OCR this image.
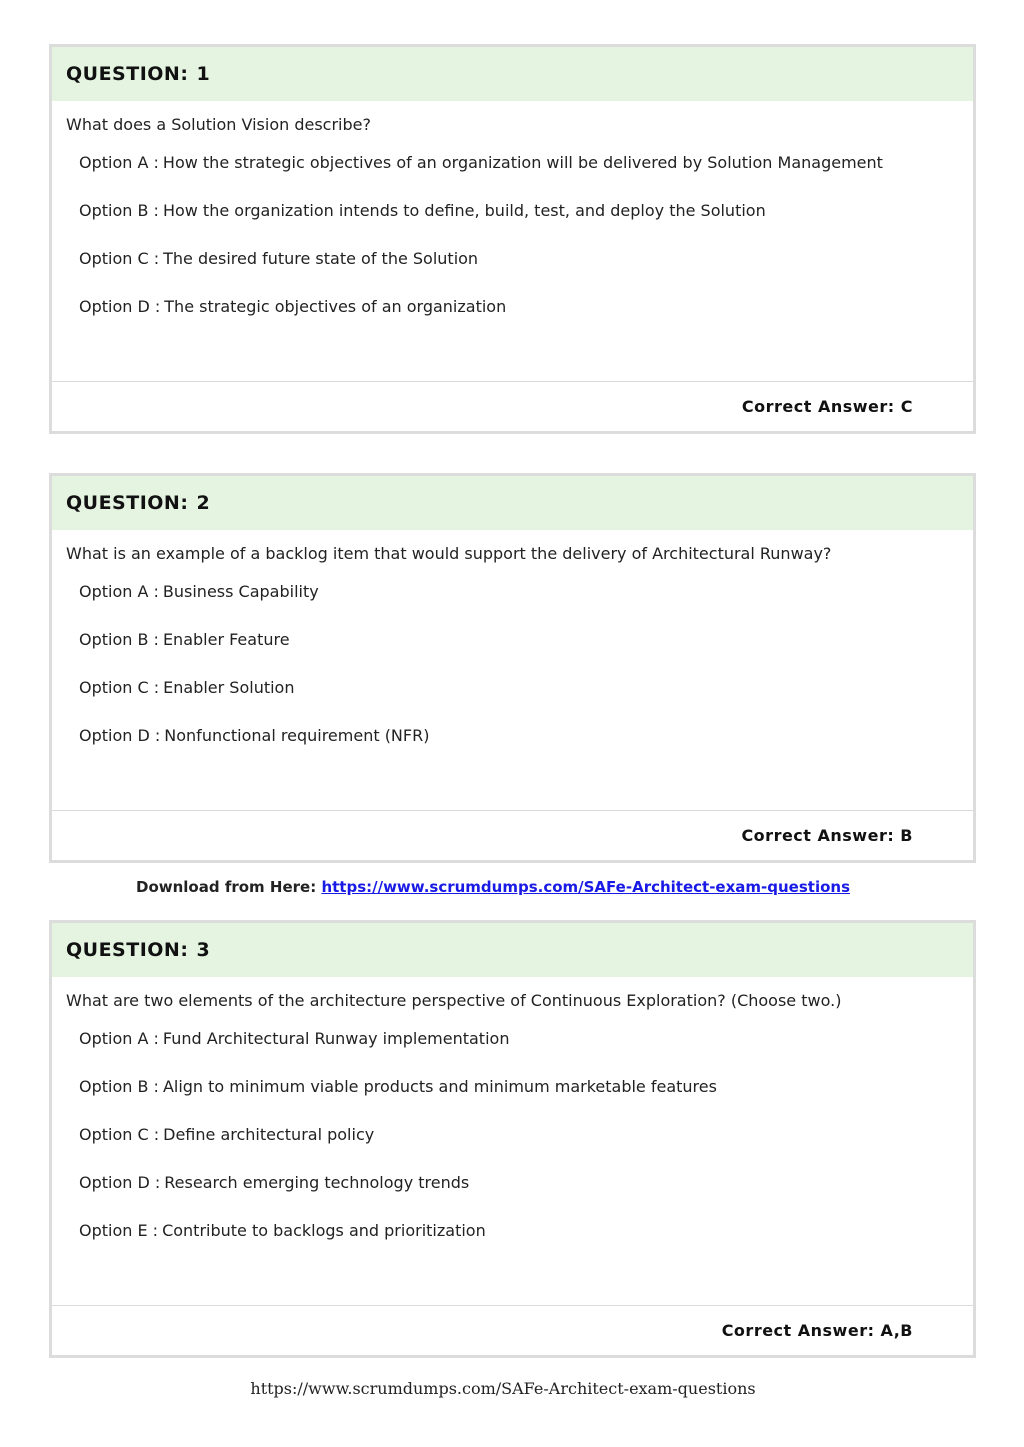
QUESTION: 1
What does a Solution Vision describe?
Option A : How the strategic objectives of an organization will be delivered by Solution Management
Option B : How the organization intends to define, build, test, and deploy the Solution
Option C : The desired future state of the Solution
Option D : The strategic objectives of an organization
Correct Answer: C
QUESTION: 2
What is an example of a backlog item that would support the delivery of Architectural Runway?
Option A : Business Capability
Option B : Enabler Feature
Option C : Enabler Solution
Option D : Nonfunctional requirement (NFR)
Correct Answer: B
Download from Here: https://www.scrumdumps.com/SAFe-Architect-exam-questions
QUESTION: 3
What are two elements of the architecture perspective of Continuous Exploration? (Choose two.)
Option A : Fund Architectural Runway implementation
Option B : Align to minimum viable products and minimum marketable features
Option C : Define architectural policy
Option D : Research emerging technology trends
Option E : Contribute to backlogs and prioritization
Correct Answer: A,B
https://www.scrumdumps.com/SAFe-Architect-exam-questions
